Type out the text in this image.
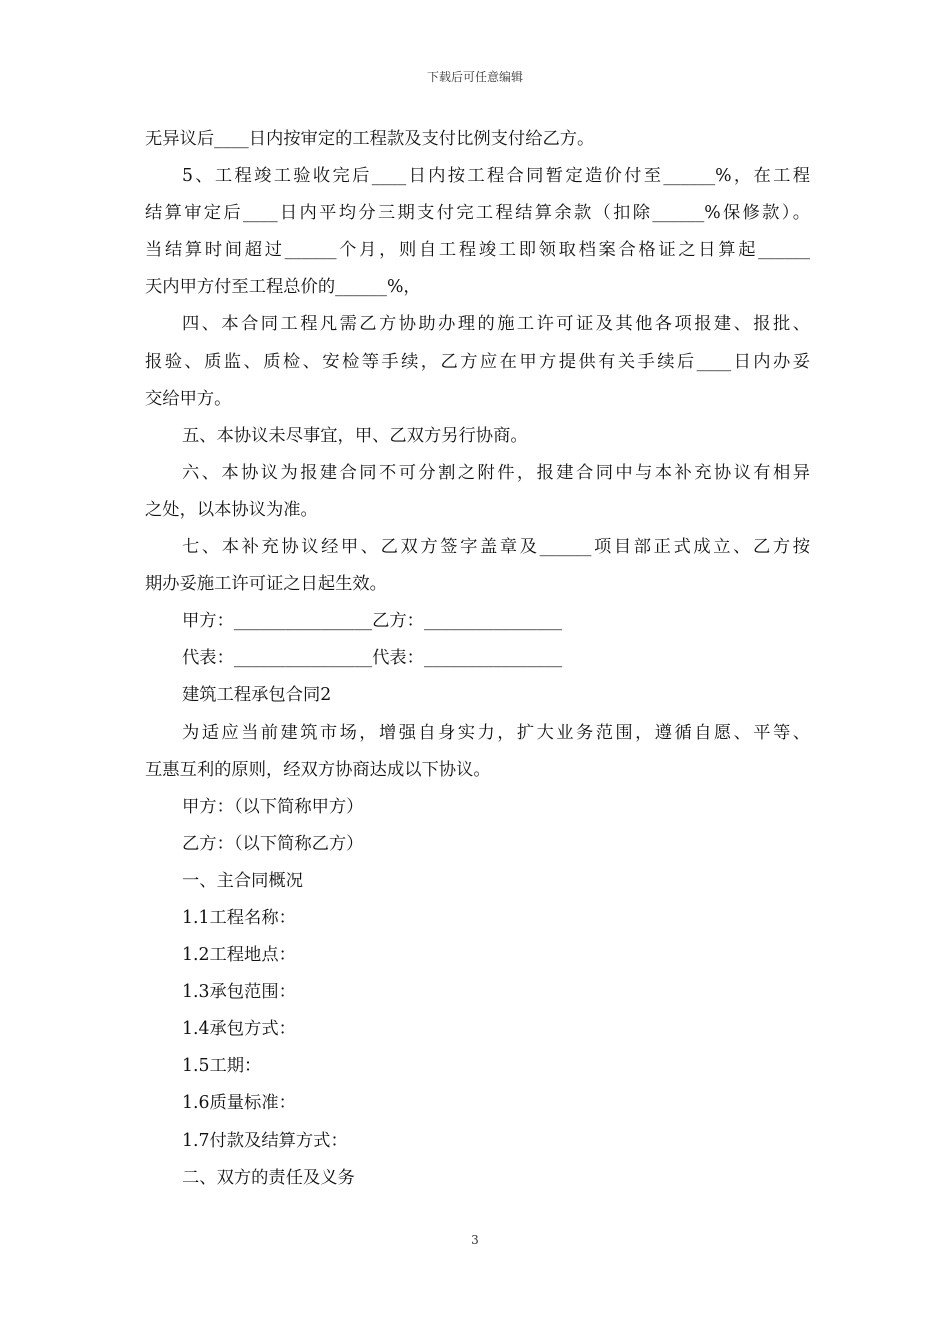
下载后可任意编辑
无异议后____日内按审定的工程款及支付比例支付给乙方。
5、工程竣工验收完后____日内按工程合同暂定造价付至______%，在工程
结算审定后____日内平均分三期支付完工程结算余款（扣除______%保修款）。
当结算时间超过______个月，则自工程竣工即领取档案合格证之日算起______
天内甲方付至工程总价的______%，
四、本合同工程凡需乙方协助办理的施工许可证及其他各项报建、报批、
报验、质监、质检、安检等手续，乙方应在甲方提供有关手续后____日内办妥
交给甲方。
五、本协议未尽事宜，甲、乙双方另行协商。
六、本协议为报建合同不可分割之附件，报建合同中与本补充协议有相异
之处，以本协议为准。
七、本补充协议经甲、乙双方签字盖章及______项目部正式成立、乙方按
期办妥施工许可证之日起生效。
甲方：________________乙方：________________
代表：________________代表：________________
建筑工程承包合同2
为适应当前建筑市场，增强自身实力，扩大业务范围，遵循自愿、平等、
互惠互利的原则，经双方协商达成以下协议。
甲方：（以下简称甲方）
乙方：（以下简称乙方）
一、主合同概况
1.1工程名称：
1.2工程地点：
1.3承包范围：
1.4承包方式：
1.5工期：
1.6质量标准：
1.7付款及结算方式：
二、双方的责任及义务
3
